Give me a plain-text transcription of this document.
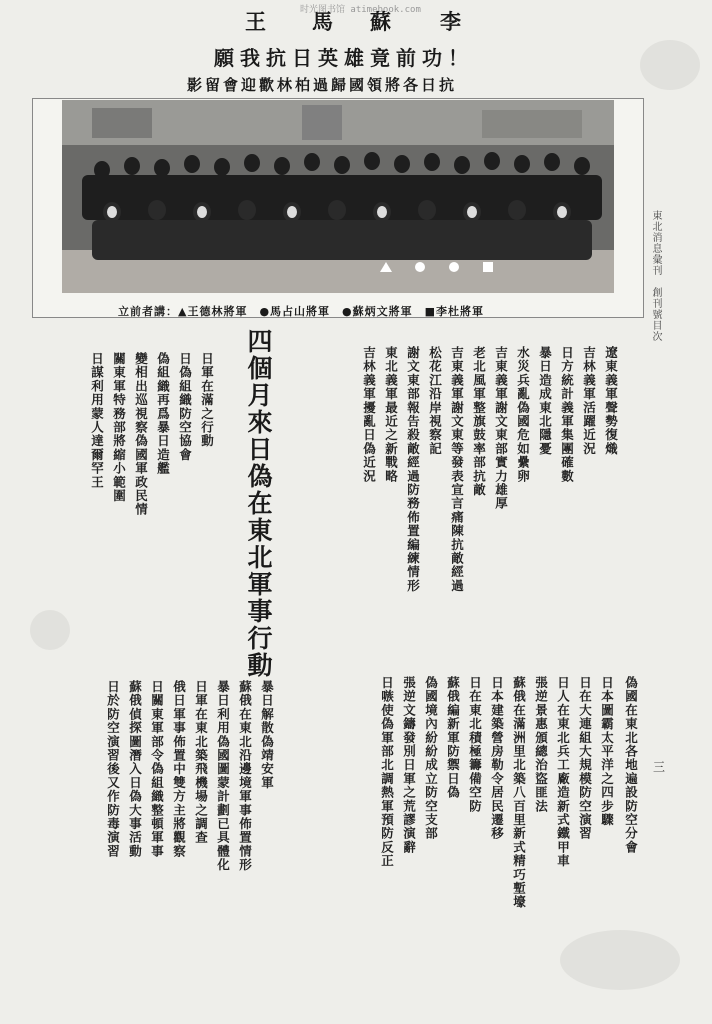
时光图书馆 atimebook.com
王 馬 蘇 李
願我抗日英雄竟前功！
影留會迎歡林柏過歸國領將各日抗
立前者講：▲王德林將軍　●馬占山將軍　●蘇炳文將軍　■李杜將軍	東北消息彙刊　創刊號目次
三
四個月來日偽在東北軍事行動	遼東義軍聲勢復熾
吉林義軍活躍近況
日方統計義軍集團確數
暴日造成東北隱憂
水災兵亂偽國危如纍卵
吉東義軍謝文東部實力雄厚
老北風軍整旗鼓率部抗敵
吉東義軍謝文東等發表宣言痛陳抗敵經過
松花江沿岸視察記
謝文東部報告殺敵經過防務佈置編練情形
東北義軍最近之新戰略
吉林義軍擾亂日偽近況
日軍在滿之行動
日偽組織防空協會
偽組織再爲暴日造艦
變相出巡視察偽國軍政民情
關東軍特務部將縮小範圍
日謀利用蒙人達爾罕王
偽國在東北各地遍設防空分會
日本圖霸太平洋之四步驟
日在大連組大規模防空演習
日人在東北兵工廠造新式鐵甲車
張逆景惠頒總治盜匪法
蘇俄在滿洲里北築八百里新式精巧塹壕
日本建築營房勒令居民遷移
日在東北積極籌備空防
蘇俄編新軍防禦日偽
偽國境內紛紛成立防空支部
張逆文鑄發別日軍之荒謬演辭
日嗾使偽軍部北調熱軍預防反正
暴日解散偽靖安軍
蘇俄在東北沿邊境軍事佈置情形
暴日利用偽國圖蒙計劃已具體化
日軍在東北築飛機場之調查
俄日軍事佈置中雙方主將觀察
日關東軍部令偽組織整頓軍事
蘇俄偵探圖潛入日偽大事活動
日於防空演習後又作防毒演習
